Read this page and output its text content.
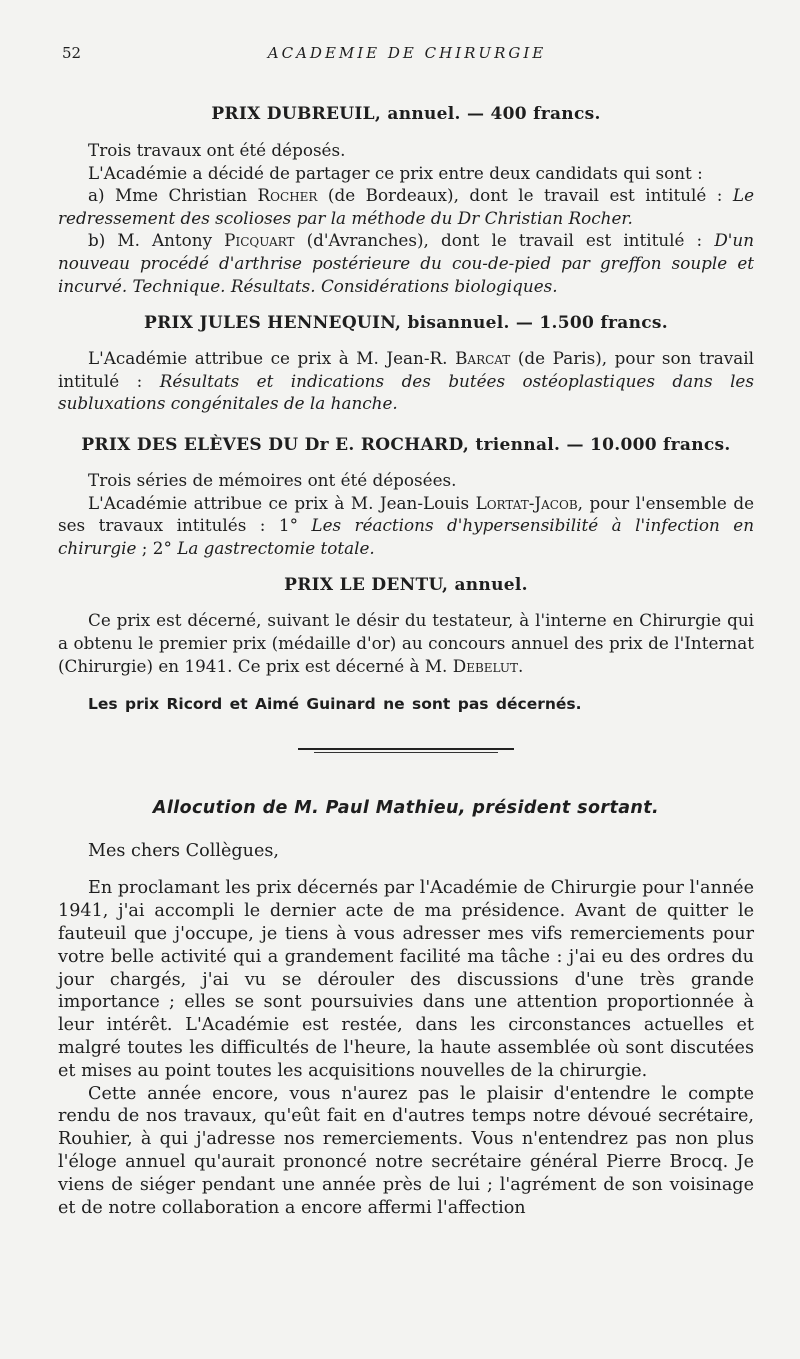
52	ACADEMIE DE CHIRURGIE
PRIX DUBREUIL, annuel. — 400 francs.

Trois travaux ont été déposés.

L'Académie a décidé de partager ce prix entre deux candidats qui sont :

a) Mme Christian Rocher (de Bordeaux), dont le travail est intitulé : Le redressement des scolioses par la méthode du Dr Christian Rocher.

b) M. Antony Picquart (d'Avranches), dont le travail est intitulé : D'un nouveau procédé d'arthrise postérieure du cou-de-pied par greffon souple et incurvé. Technique. Résultats. Considérations biologiques.

PRIX JULES HENNEQUIN, bisannuel. — 1.500 francs.

L'Académie attribue ce prix à M. Jean-R. Barcat (de Paris), pour son travail intitulé : Résultats et indications des butées ostéoplastiques dans les subluxations congénitales de la hanche.

PRIX DES ELÈVES DU Dr E. ROCHARD, triennal. — 10.000 francs.

Trois séries de mémoires ont été déposées.

L'Académie attribue ce prix à M. Jean-Louis Lortat-Jacob, pour l'ensemble de ses travaux intitulés : 1° Les réactions d'hypersensibilité à l'infection en chirurgie ; 2° La gastrectomie totale.

PRIX LE DENTU, annuel.

Ce prix est décerné, suivant le désir du testateur, à l'interne en Chirurgie qui a obtenu le premier prix (médaille d'or) au concours annuel des prix de l'Internat (Chirurgie) en 1941. Ce prix est décerné à M. Debelut.

Les prix Ricord et Aimé Guinard ne sont pas décernés.

Allocution de M. Paul Mathieu, président sortant.

Mes chers Collègues,

En proclamant les prix décernés par l'Académie de Chirurgie pour l'année 1941, j'ai accompli le dernier acte de ma présidence. Avant de quitter le fauteuil que j'occupe, je tiens à vous adresser mes vifs remerciements pour votre belle activité qui a grandement facilité ma tâche : j'ai eu des ordres du jour chargés, j'ai vu se dérouler des discussions d'une très grande importance ; elles se sont poursuivies dans une attention proportionnée à leur intérêt. L'Académie est restée, dans les circonstances actuelles et malgré toutes les difficultés de l'heure, la haute assemblée où sont discutées et mises au point toutes les acquisitions nouvelles de la chirurgie.

Cette année encore, vous n'aurez pas le plaisir d'entendre le compte rendu de nos travaux, qu'eût fait en d'autres temps notre dévoué secrétaire, Rouhier, à qui j'adresse nos remerciements. Vous n'entendrez pas non plus l'éloge annuel qu'aurait prononcé notre secrétaire général Pierre Brocq. Je viens de siéger pendant une année près de lui ; l'agrément de son voisinage et de notre collaboration a encore affermi l'affection
